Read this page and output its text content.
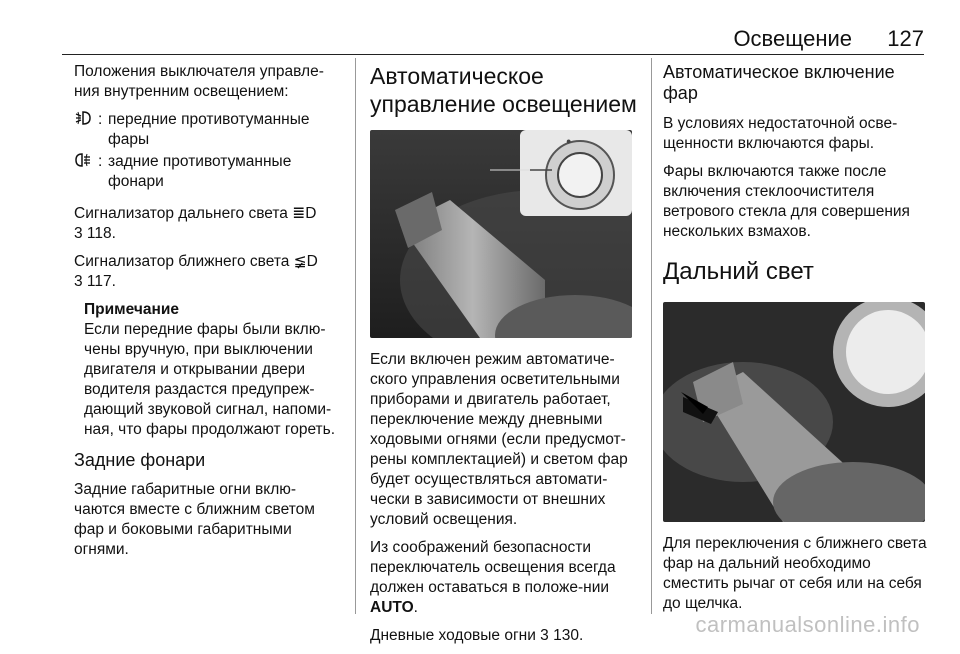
Освещение 127

Положения выключателя управле-ния внутренним освещением:

: передние противотуманные фары
: задние противотуманные фонари

Сигнализатор дальнего света ≣D

3 118.

Сигнализатор ближнего света ≨D

3 117.

Примечание
Если передние фары были вклю-чены вручную, при выключении двигателя и открывании двери водителя раздастся предупреж-дающий звуковой сигнал, напоми-ная, что фары продолжают гореть.
Задние фонари

Задние габаритные огни вклю-чаются вместе с ближним светом фар и боковыми габаритными огнями.

Автоматическое управление освещением
●

Если включен режим автоматиче-ского управления осветительными приборами и двигатель работает, переключение между дневными ходовыми огнями (если предусмот-рены комплектацией) и светом фар будет осуществляться автомати-чески в зависимости от внешних условий освещения.

Из соображений безопасности переключатель освещения всегда должен оставаться в положе-нии AUTO.

Дневные ходовые огни 3 130.

Автоматическое включение фар

В условиях недостаточной осве-щенности включаются фары.

Фары включаются также после включения стеклоочистителя ветрового стекла для совершения нескольких взмахов.

Дальний свет

Для переключения с ближнего света фар на дальний необходимо сместить рычаг от себя или на себя до щелчка.

carmanualsonline.info
